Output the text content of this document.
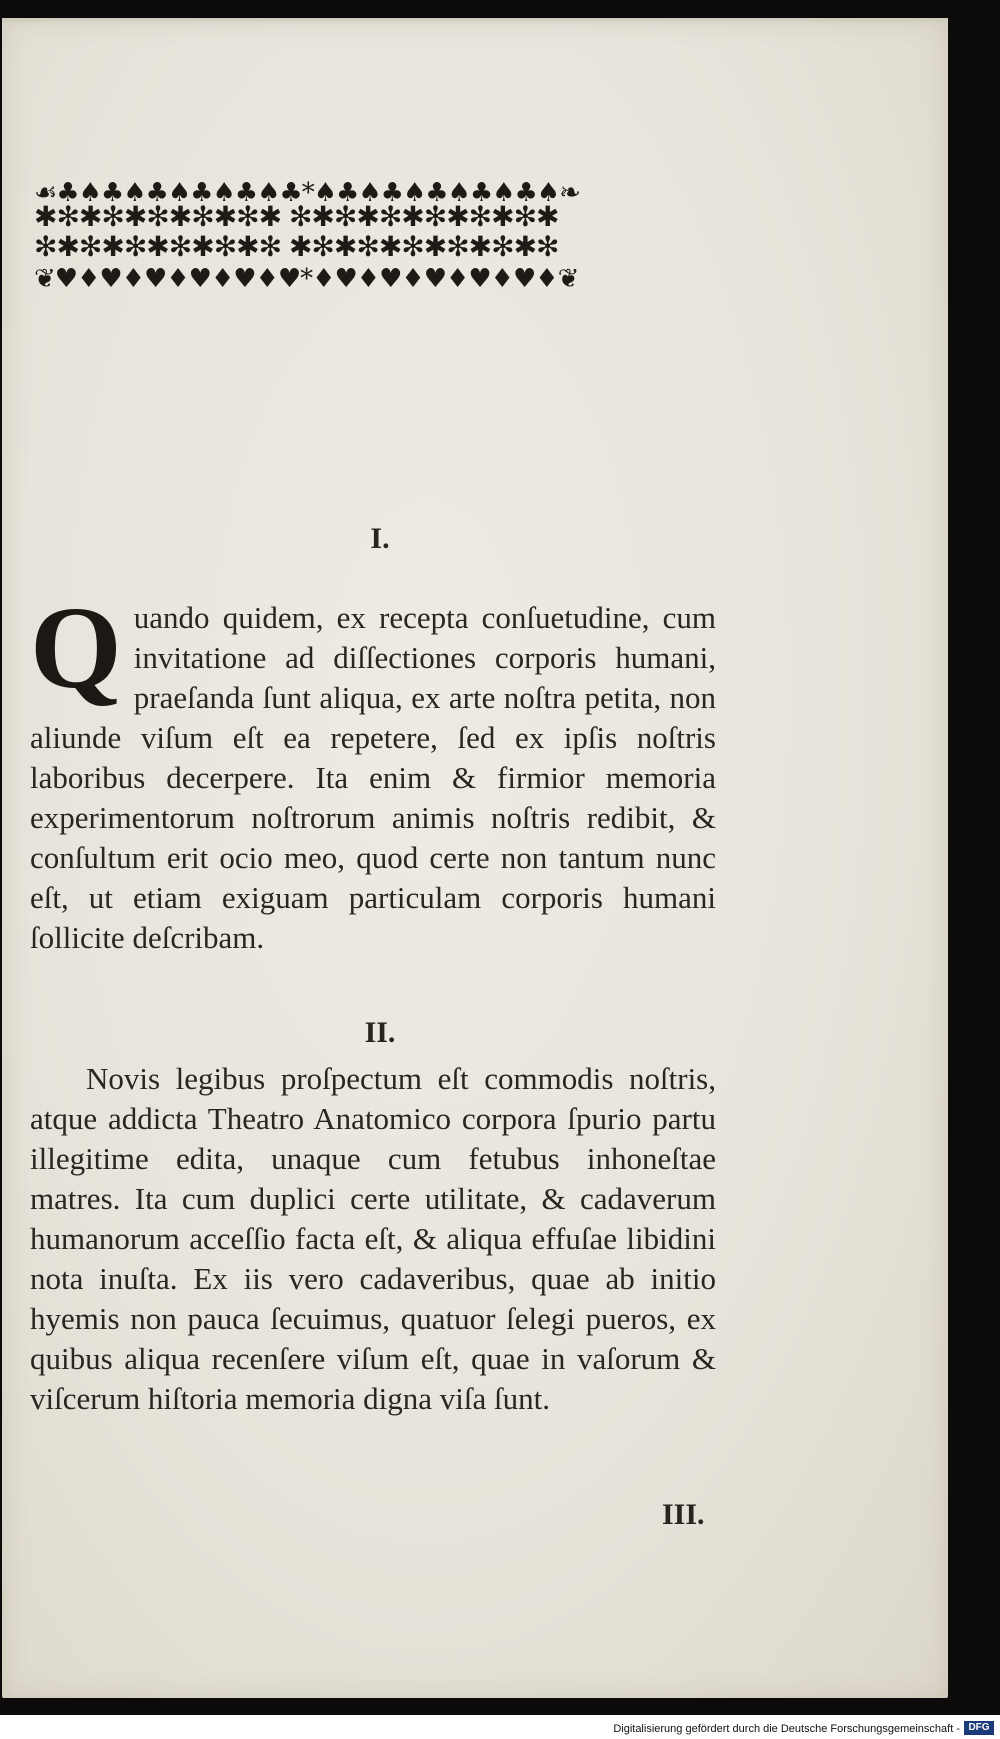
☙♣♠♣♠♣♠♣♠♣♠♣*♠♣♠♣♠♣♠♣♠♣♠❧
✱✻✱✻✱✻✱✻✱✻✱ ✻✱✻✱✻✱✻✱✻✱✻✱
✻✱✻✱✻✱✻✱✻✱✻ ✱✻✱✻✱✻✱✻✱✻✱✻
❦♥♦♥♦♥♦♥♦♥♦♥*♦♥♦♥♦♥♦♥♦♥♦❦
I.
Q uando quidem, ex recepta conſuetudine, cum invitatione ad diſſectiones corporis humani, praeſanda ſunt aliqua, ex arte noſtra petita, non aliunde viſum eſt ea repetere, ſed ex ipſis noſtris laboribus decerpere. Ita enim & firmior memoria experimentorum noſtrorum animis noſtris redibit, & conſultum erit ocio meo, quod certe non tantum nunc eſt, ut etiam exiguam particulam corporis humani ſollicite deſcribam.
II.
Novis legibus proſpectum eſt commodis noſtris, atque addicta Theatro Anatomico corpora ſpurio partu illegitime edita, unaque cum fetubus inhoneſtae matres. Ita cum duplici certe utilitate, & cadaverum humanorum acceſſio facta eſt, & aliqua effuſae libidini nota inuſta. Ex iis vero cadaveribus, quae ab initio hyemis non pauca ſecuimus, quatuor ſelegi pueros, ex quibus aliqua recenſere viſum eſt, quae in vaſorum & viſcerum hiſtoria memoria digna viſa ſunt.
III.
Digitalisierung gefördert durch die Deutsche Forschungsgemeinschaft - DFG
